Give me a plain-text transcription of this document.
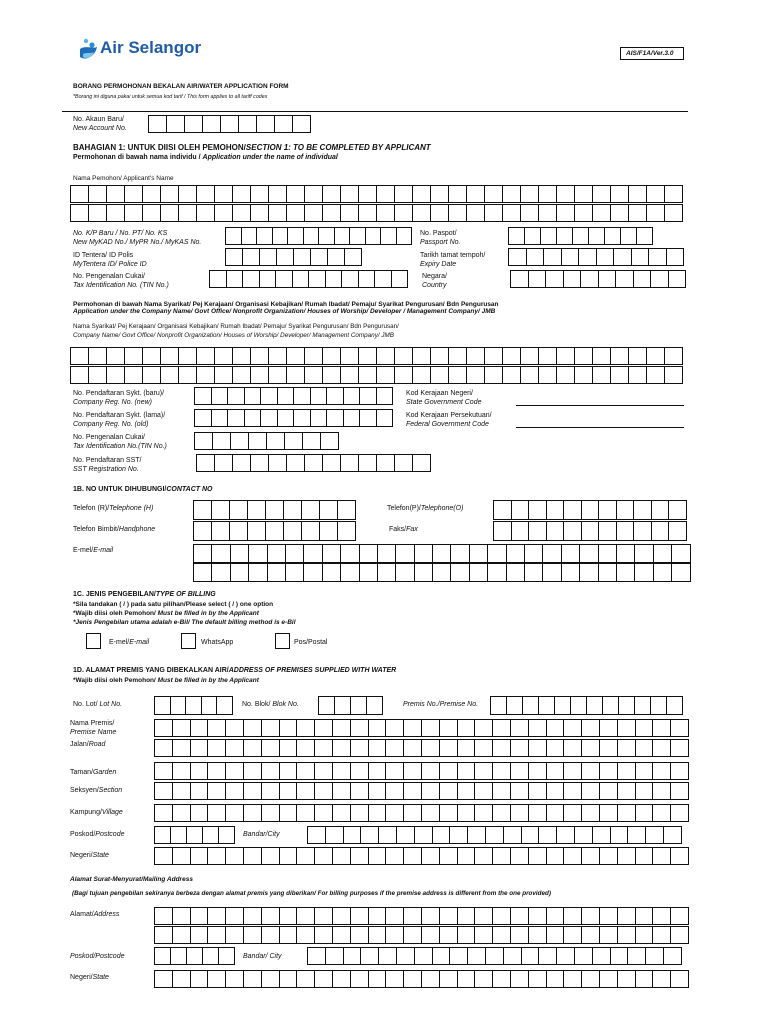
Air Selangor	AIS/F1A/Ver.3.0
BORANG PERMOHONAN BEKALAN AIR/WATER APPLICATION FORM
*Borang ini diguna pakai untuk semua kod tarif / This form applies to all tariff codes
No. Akaun Baru/
New Account No.
BAHAGIAN 1: UNTUK DIISI OLEH PEMOHON/SECTION 1: TO BE COMPLETED BY APPLICANT
Permohonan di bawah nama individu / Application under the name of individual
Nama Pemohon/ Applicant's Name
No. K/P Baru / No. PT/ No. KS
New MyKAD No./ MyPR No./ MyKAS No.
No. Paspot/
Passport No.
ID Tentera/ ID Polis
MyTentera ID/ Police ID
Tarikh tamat tempoh/
Expiry Date
No. Pengenalan Cukai/
Tax Identification No. (TIN No.)
Negara/
Country
Permohonan di bawah Nama Syarikat/ Pej Kerajaan/ Organisasi Kebajikan/ Rumah Ibadat/ Pemaju/ Syarikat Pengurusan/ Bdn Pengurusan
Application under the Company Name/ Govt Office/ Nonprofit Organization/ Houses of Worship/ Developer / Management Company/ JMB
Nama Syarikat/ Pej Kerajaan/ Organisasi Kebajikan/ Rumah Ibadat/ Pemaju/ Syarikat Pengurusan/ Bdn Pengurusan/
Company Name/ Govt Office/ Nonprofit Organization/ Houses of Worship/ Developer/ Management Company/ JMB
No. Pendaftaran Sykt. (baru)/
Company Reg. No. (new)
Kod Kerajaan Negeri/
State Government Code
No. Pendaftaran Sykt. (lama)/
Company Reg. No. (old)
Kod Kerajaan Persekutuan/
Federal Government Code
No. Pengenalan Cukai/
Tax Identification No.(TIN No.)
No. Pendaftaran SST/
SST Registration No.
1B. NO UNTUK DIHUBUNGI/CONTACT NO
Telefon (R)/Telephone (H)	Telefon(P)/Telephone(O)
Telefon Bimbit/Handphone	Faks/Fax
E-mel/E-mail
1C. JENIS PENGEBILAN/TYPE OF BILLING
*Sila tandakan ( / ) pada satu pilihan/Please select ( / ) one option
*Wajib diisi oleh Pemohon/ Must be filled in by the Applicant
*Jenis Pengebilan utama adalah e-Bil/ The default billing method is e-Bil
E-mel/E-mail	WhatsApp	Pos/Postal
1D. ALAMAT PREMIS YANG DIBEKALKAN AIR/ADDRESS OF PREMISES SUPPLIED WITH WATER
*Wajib diisi oleh Pemohon/ Must be filled in by the Applicant
No. Lot/ Lot No.	No. Blok/ Blok No.	Premis No./Premise No.
Nama Premis/
Premise Name
Jalan/Road
Taman/Garden
Seksyen/Section
Kampung/Village
Poskod/Postcode	Bandar/City
Negeri/State
Alamat Surat-Menyurat/Mailing Address
(Bagi tujuan pengebilan sekiranya berbeza dengan alamat premis yang diberikan/ For billing purposes if the premise address is different from the one provided)
Alamat/Address
Poskod/Postcode	Bandar/ City
Negeri/State
